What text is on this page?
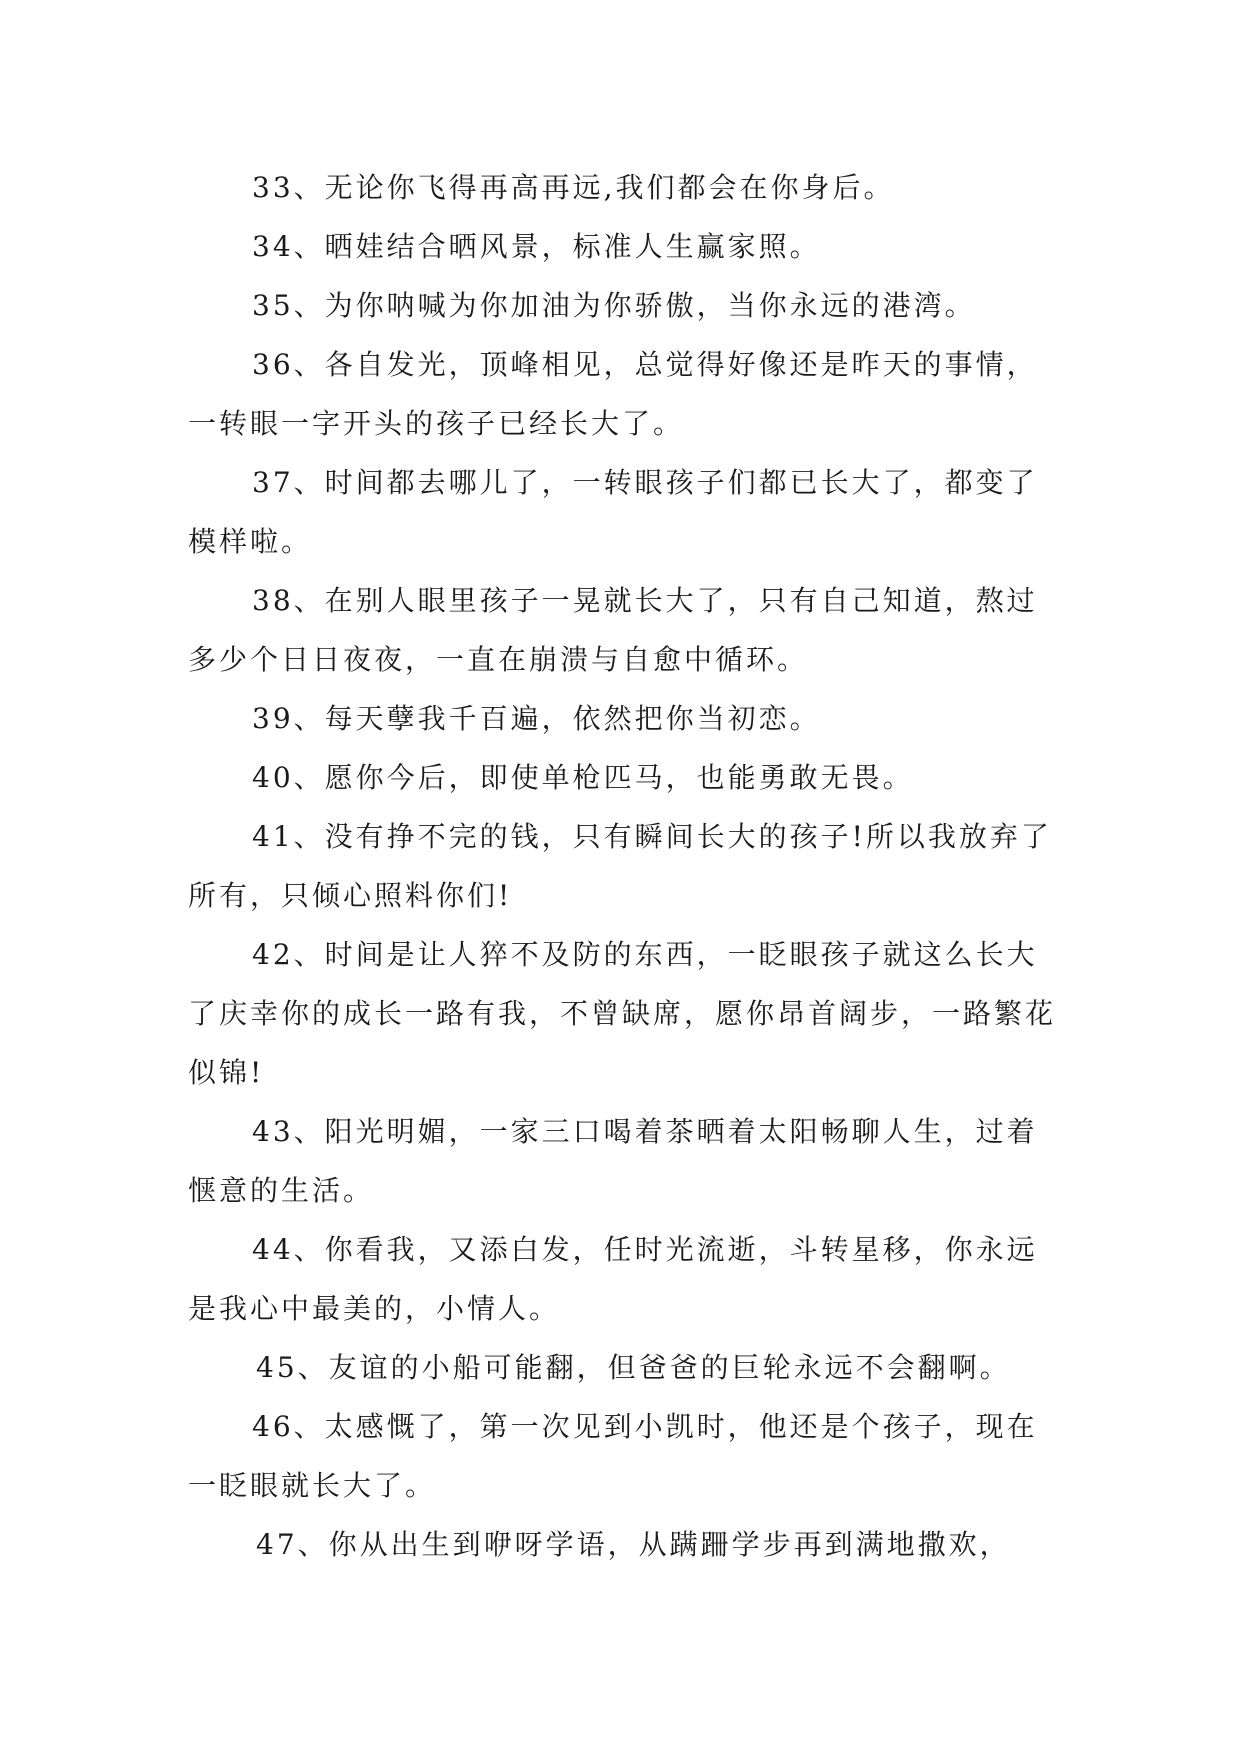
33、无论你飞得再高再远,我们都会在你身后。

34、晒娃结合晒风景，标准人生赢家照。

35、为你呐喊为你加油为你骄傲，当你永远的港湾。

36、各自发光，顶峰相见，总觉得好像还是昨天的事情，一转眼一字开头的孩子已经长大了。

37、时间都去哪儿了，一转眼孩子们都已长大了，都变了模样啦。

38、在别人眼里孩子一晃就长大了，只有自己知道，熬过多少个日日夜夜，一直在崩溃与自愈中循环。

39、每天孽我千百遍，依然把你当初恋。

40、愿你今后，即使单枪匹马，也能勇敢无畏。

41、没有挣不完的钱，只有瞬间长大的孩子!所以我放弃了所有，只倾心照料你们!

42、时间是让人猝不及防的东西，一眨眼孩子就这么长大了庆幸你的成长一路有我，不曾缺席，愿你昂首阔步，一路繁花似锦!

43、阳光明媚，一家三口喝着茶晒着太阳畅聊人生，过着惬意的生活。

44、你看我，又添白发，任时光流逝，斗转星移，你永远是我心中最美的，小情人。

45、友谊的小船可能翻，但爸爸的巨轮永远不会翻啊。

46、太感慨了，第一次见到小凯时，他还是个孩子，现在一眨眼就长大了。

47、你从出生到咿呀学语，从蹒跚学步再到满地撒欢，
